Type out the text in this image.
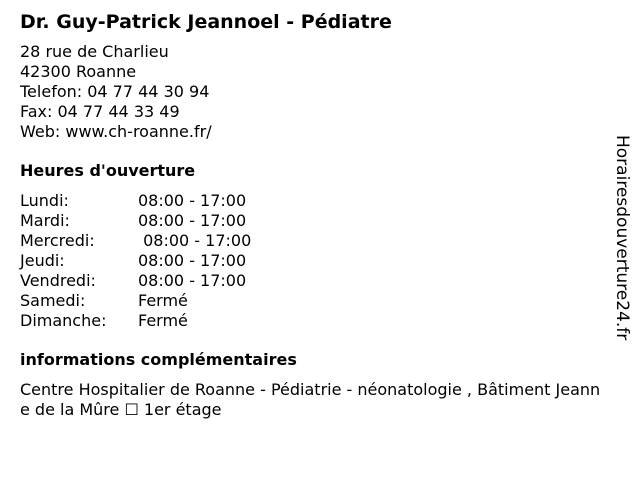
Dr. Guy-Patrick Jeannoel - Pédiatre
28 rue de Charlieu
42300 Roanne
Telefon: 04 77 44 30 94
Fax: 04 77 44 33 49
Web: www.ch-roanne.fr/
Heures d'ouverture
Lundi:	08:00 - 17:00
Mardi:	08:00 - 17:00
Mercredi:	08:00 - 17:00
Jeudi:	08:00 - 17:00
Vendredi:	08:00 - 17:00
Samedi:	Fermé
Dimanche:	Fermé
informations complémentaires
Centre Hospitalier de Roanne - Pédiatrie - néonatologie , Bâtiment Jeanne de la Mûre ☐ 1er étage
Horairesdouverture24.fr
